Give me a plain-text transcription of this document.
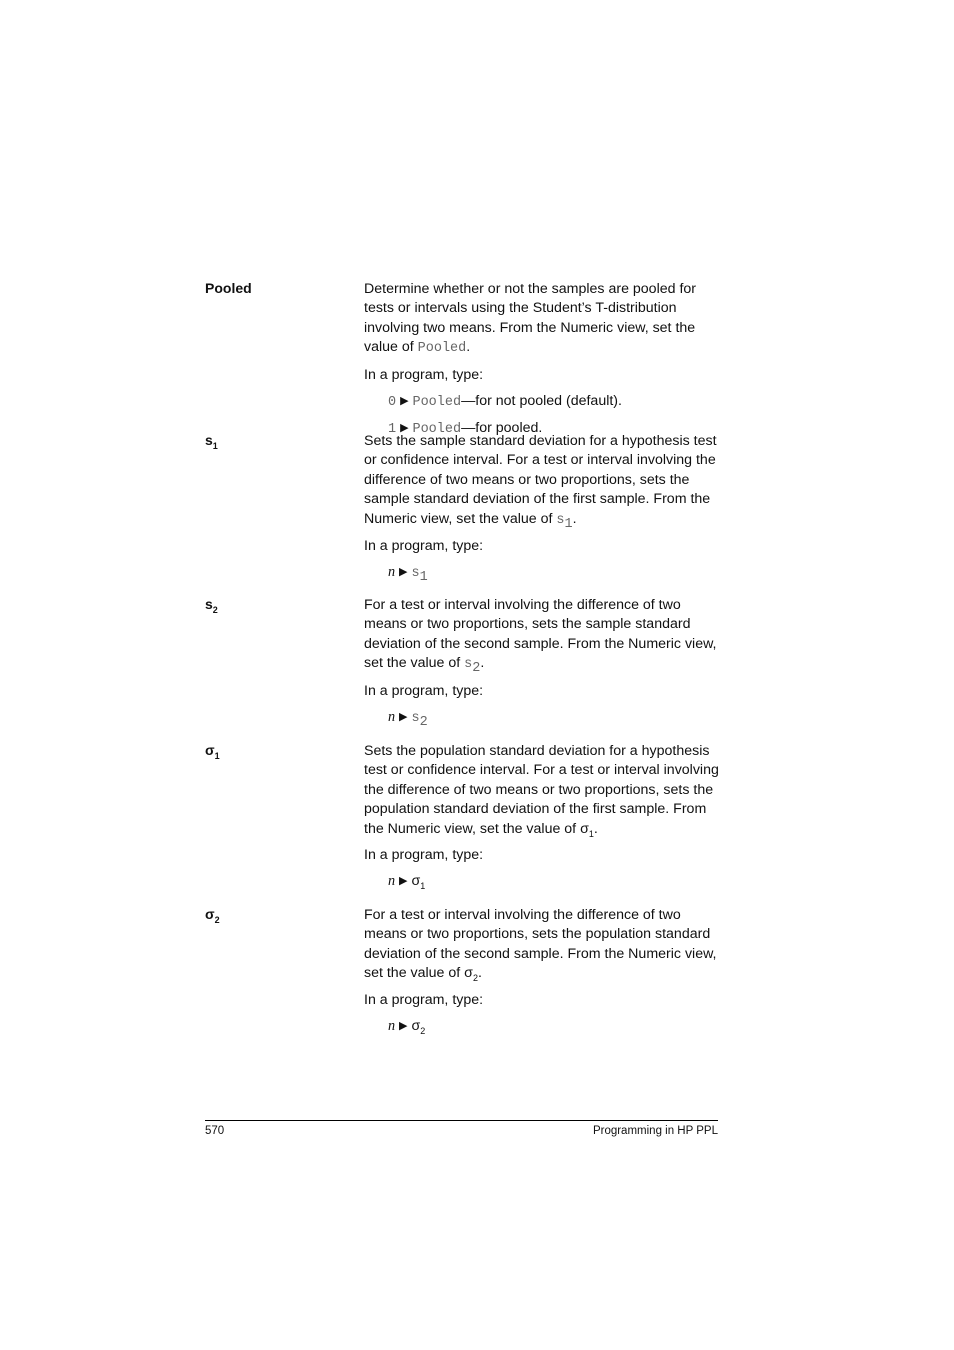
Pooled	Determine whether or not the samples are pooled for tests or intervals using the Student’s T-distribution involving two means. From the Numeric view, set the value of Pooled.

In a program, type:

0 ▶ Pooled—for not pooled (default).
1 ▶ Pooled—for pooled.
$s_1$	Sets the sample standard deviation for a hypothesis test or confidence interval. For a test or interval involving the difference of two means or two proportions, sets the sample standard deviation of the first sample. From the Numeric view, set the value of $s_1$.

In a program, type:

n ▶ $s_1$
$s_2$	For a test or interval involving the difference of two means or two proportions, sets the sample standard deviation of the second sample. From the Numeric view, set the value of $s_2$.

In a program, type:

n ▶ $s_2$
$\sigma_1$	Sets the population standard deviation for a hypothesis test or confidence interval. For a test or interval involving the difference of two means or two proportions, sets the population standard deviation of the first sample. From the Numeric view, set the value of $\sigma_1$.

In a program, type:

n ▶ $\sigma_1$
$\sigma_2$	For a test or interval involving the difference of two means or two proportions, sets the population standard deviation of the second sample. From the Numeric view, set the value of $\sigma_2$.

In a program, type:

n ▶ $\sigma_2$
570	Programming in HP PPL
